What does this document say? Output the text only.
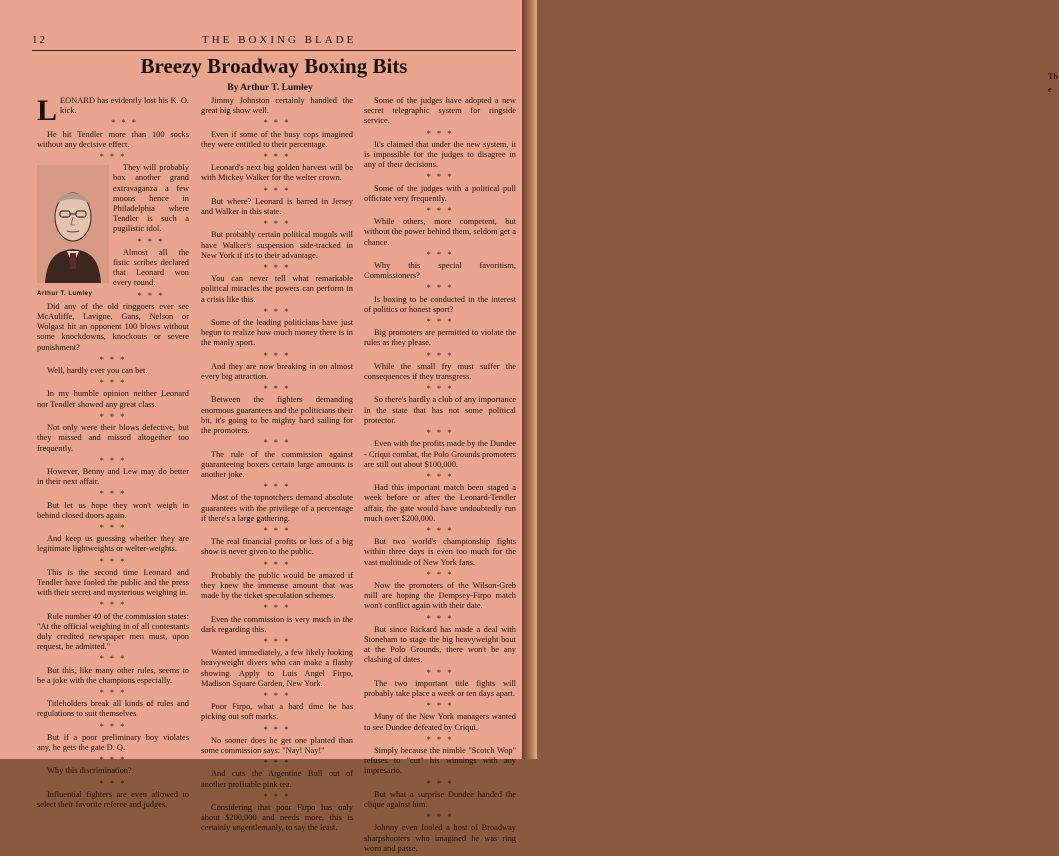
12	THE BOXING BLADE
Breezy Broadway Boxing Bits
By Arthur T. Lumley

LEONARD has evidently lost his K. O. kick.

* * *

He hit Tendler more than 100 socks without any decisive effect.

* * *
Arthur T. Lumley

They will probably box another grand extravaganza a few moons hence in Philadelphia where Tendler is such a pugilistic idol.

* * *

Almost all the fistic scribes declared that Leonard won every round.

* * *

Did any of the old ringgoers ever see McAuliffe, Lavigne, Gans, Nelson or Wolgast hit an opponent 100 blows without some knockdowns, knockouts or severe punishment?

* * *

Well, hardly ever you can bet.

* * *

In my humble opinion neither Leonard nor Tendler showed any great class.

* * *

Not only were their blows defective, but they missed and missed altogether too frequently.

* * *

However, Benny and Lew may do better in their next affair.

* * *

But let us hope they won't weigh in behind closed doors again.

* * *

And keep us guessing whether they are legitimate lightweights or welter-weights.

* * *

This is the second time Leonard and Tendler have fooled the public and the press with their secret and mysterious weighing in.

* * *

Rule number 40 of the commission states: "At the official weighing in of all contestants duly credited newspaper men must, upon request, be admitted."

* * *

But this, like many other rules, seems to be a joke with the champions especially.

* * *

Titleholders break all kinds of rules and regulations to suit themselves.

* * *

But if a poor preliminary boy violates any, he gets the gate D. Q.

* * *

Why this discrimination?

* * *

Influential fighters are even allowed to select their favorite referee and judges.

Jimmy Johnston certainly handled the great big show well.

* * *

Even if some of the busy cops imagined they were entitled to their percentage.

* * *

Leonard's next big golden harvest will be with Mickey Walker for the welter crown.

* * *

But where? Leonard is barred in Jersey and Walker in this state.

* * *

But probably certain political moguls will have Walker's suspension side-tracked in New York if it's to their advantage.

* * *

You can never tell what remarkable political miracles the powers can perform in a crisis like this.

* * *

Some of the leading politicians have just begun to realize how much money there is in the manly sport.

* * *

And they are now breaking in on almost every big attraction.

* * *

Between the fighters demanding enormous guarantees and the politicians their bit, it's going to be mighty hard sailing for the promoters.

* * *

The rule of the commission against guaranteeing boxers certain large amounts is another joke.

* * *

Most of the topnotchers demand absolute guarantees with the privilege of a percentage if there's a large gathering.

* * *

The real financial profits or loss of a big show is never given to the public.

* * *

Probably the public would be amazed if they knew the immense amount that was made by the ticket speculation schemes.

* * *

Even the commission is very much in the dark regarding this.

* * *

Wanted immediately, a few likely looking heavyweight divers who can make a flashy showing. Apply to Luis Angel Firpo, Madison Square Garden, New York.

* * *

Poor Firpo, what a hard time he has picking out soft marks.

* * *

No sooner does he get one planted than some commission says: "Nay! Nay!"

* * *

And cuts the Argentine Bull out of another profitable pink tea.

* * *

Considering that poor Firpo has only about $200,000 and needs more, this is certainly ungentlemanly, to say the least.

Some of the judges have adopted a new secret telegraphic system for ringside service.

* * *

It's claimed that under the new system, it is impossible for the judges to disagree in any of their decisions.

* * *

Some of the judges with a political pull officiate very frequently.

* * *

While others, more competent, but without the power behind them, seldom get a chance.

* * *

Why this special favoritism, Commissioners?

* * *

Is boxing to be conducted in the interest of politics or honest sport?

* * *

Big promoters are permitted to violate the rules as they please.

* * *

While the small fry must suffer the consequences if they transgress.

* * *

So there's hardly a club of any importance in the state that has not some political protector.

* * *

Even with the profits made by the Dundee - Criqui combat, the Polo Grounds promoters are still out about $100,000.

* * *

Had this important match been staged a week before or after the Leonard-Tendler affair, the gate would have undoubtedly run much over $200,000.

* * *

But two world's championship fights within three days is even too much for the vast multitude of New York fans.

* * *

Now the promoters of the Wilson-Greb mill are hoping the Dempsey-Firpo match won't conflict again with their date.

* * *

But since Rickard has made a deal with Stoneham to stage the big heavyweight bout at the Polo Grounds, there won't be any clashing of dates.

* * *

The two important title fights will probably take place a week or ten days apart.

* * *

Many of the New York managers wanted to see Dundee defeated by Criqui.

* * *

Simply because the nimble "Scotch Wop" refuses to "cut" his winnings with any impresario.

* * *

But what a surprise Dundee handed the clique against him.

* * *

Johnny even fooled a host of Broadway sharpshooters who imagined he was ring worn and passe.

The
